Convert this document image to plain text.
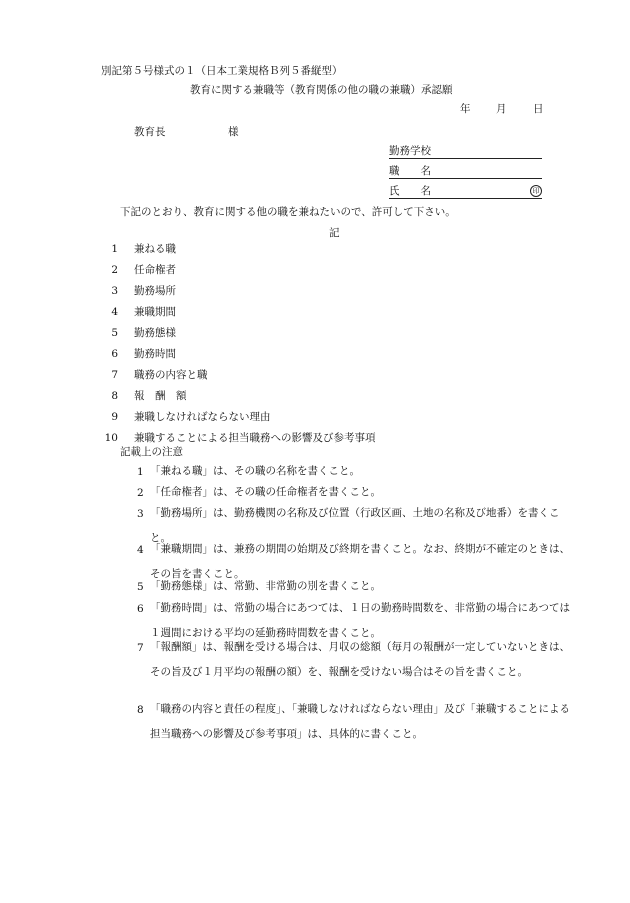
別記第５号様式の１（日本工業規格Ｂ列５番縦型）
教育に関する兼職等（教育関係の他の職の兼職）承認願
年 月	日
教育長	様
勤務学校
職　　名
氏　　名	印
下記のとおり、教育に関する他の職を兼ねたいので、許可して下さい。
記
1 兼ねる職
2 任命権者
3 勤務場所
4 兼職期間
5 勤務態様
6 勤務時間
7 職務の内容と職
8 報　酬　額
9 兼職しなければならない理由
10 兼職することによる担当職務への影響及び参考事項
記載上の注意
1 「兼ねる職」は、その職の名称を書くこと。
2 「任命権者」は、その職の任命権者を書くこと。
3 「勤務場所」は、勤務機関の名称及び位置（行政区画、土地の名称及び地番）を書くこと。
4 「兼職期間」は、兼務の期間の始期及び終期を書くこと。なお、終期が不確定のときは、その旨を書くこと。
5 「勤務態様」は、常勤、非常勤の別を書くこと。
6 「勤務時間」は、常勤の場合にあつては、１日の勤務時間数を、非常勤の場合にあつては１週間における平均の延勤務時間数を書くこと。
7 「報酬額」は、報酬を受ける場合は、月収の総額（毎月の報酬が一定していないときは、その旨及び１月平均の報酬の額）を、報酬を受けない場合はその旨を書くこと。
8 「職務の内容と責任の程度」、「兼職しなければならない理由」及び「兼職することによる担当職務への影響及び参考事項」は、具体的に書くこと。
